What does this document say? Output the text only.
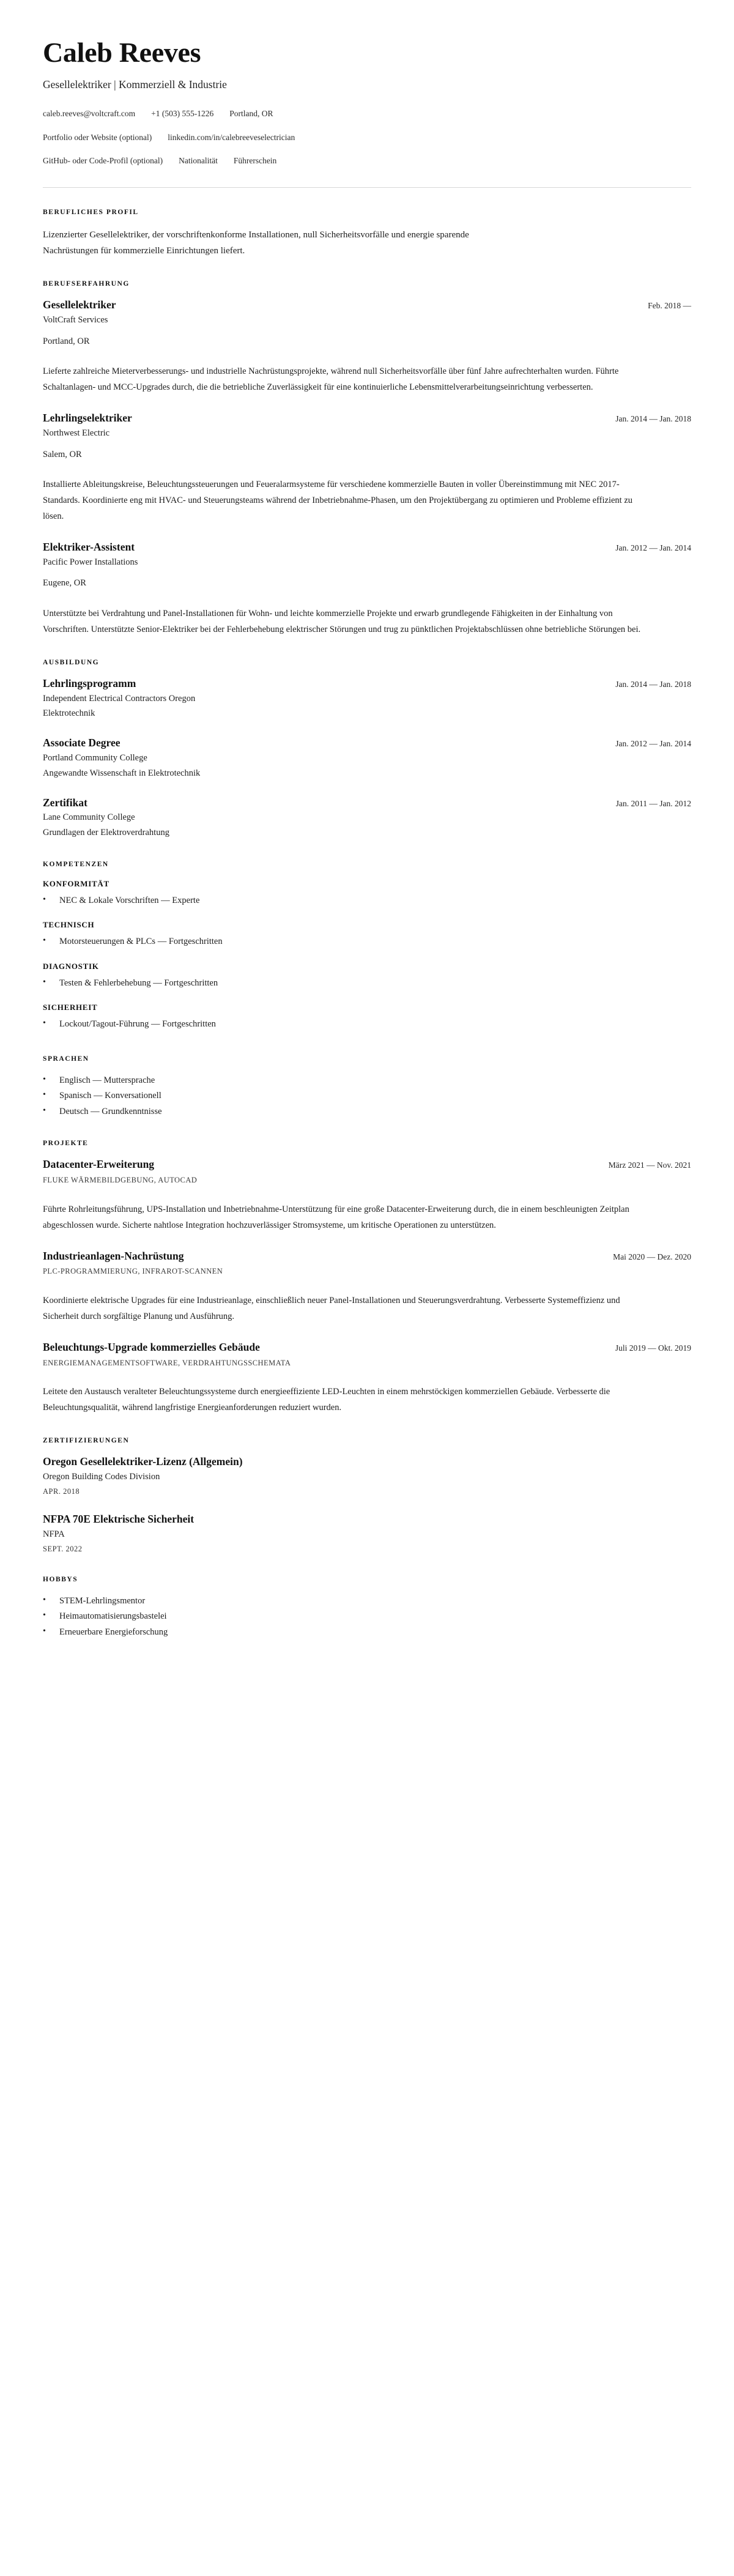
Caleb Reeves
Gesellelektriker | Kommerziell & Industrie
caleb.reeves@voltcraft.com +1 (503) 555-1226 Portland, OR
Portfolio oder Website (optional) linkedin.com/in/calebreeveselectrician
GitHub- oder Code-Profil (optional) Nationalität Führerschein
BERUFLICHES PROFIL

Lizenzierter Gesellelektriker, der vorschriftenkonforme Installationen, null Sicherheitsvorfälle und energie sparende Nachrüstungen für kommerzielle Einrichtungen liefert.

BERUFSERFAHRUNG
Gesellelektriker	Feb. 2018 —
VoltCraft Services
Portland, OR

Lieferte zahlreiche Mieterverbesserungs- und industrielle Nachrüstungsprojekte, während null Sicherheitsvorfälle über fünf Jahre aufrechterhalten wurden. Führte Schaltanlagen- und MCC-Upgrades durch, die die betriebliche Zuverlässigkeit für eine kontinuierliche Lebensmittelverarbeitungseinrichtung verbesserten.

Lehrlingselektriker	Jan. 2014 — Jan. 2018
Northwest Electric
Salem, OR

Installierte Ableitungskreise, Beleuchtungssteuerungen und Feueralarmsysteme für verschiedene kommerzielle Bauten in voller Übereinstimmung mit NEC 2017-Standards. Koordinierte eng mit HVAC- und Steuerungsteams während der Inbetriebnahme-Phasen, um den Projektübergang zu optimieren und Probleme effizient zu lösen.

Elektriker-Assistent	Jan. 2012 — Jan. 2014
Pacific Power Installations
Eugene, OR

Unterstützte bei Verdrahtung und Panel-Installationen für Wohn- und leichte kommerzielle Projekte und erwarb grundlegende Fähigkeiten in der Einhaltung von Vorschriften. Unterstützte Senior-Elektriker bei der Fehlerbehebung elektrischer Störungen und trug zu pünktlichen Projektabschlüssen ohne betriebliche Störungen bei.

AUSBILDUNG
Lehrlingsprogramm	Jan. 2014 — Jan. 2018
Independent Electrical Contractors Oregon
Elektrotechnik
Associate Degree	Jan. 2012 — Jan. 2014
Portland Community College
Angewandte Wissenschaft in Elektrotechnik
Zertifikat	Jan. 2011 — Jan. 2012
Lane Community College
Grundlagen der Elektroverdrahtung
KOMPETENZEN
KONFORMITÄT
• NEC & Lokale Vorschriften — Experte
TECHNISCH
• Motorsteuerungen & PLCs — Fortgeschritten
DIAGNOSTIK
• Testen & Fehlerbehebung — Fortgeschritten
SICHERHEIT
• Lockout/Tagout-Führung — Fortgeschritten
SPRACHEN
• Englisch — Muttersprache
• Spanisch — Konversationell
• Deutsch — Grundkenntnisse
PROJEKTE
Datacenter-Erweiterung	März 2021 — Nov. 2021
FLUKE WÄRMEBILDGEBUNG, AUTOCAD

Führte Rohrleitungsführung, UPS-Installation und Inbetriebnahme-Unterstützung für eine große Datacenter-Erweiterung durch, die in einem beschleunigten Zeitplan abgeschlossen wurde. Sicherte nahtlose Integration hochzuverlässiger Stromsysteme, um kritische Operationen zu unterstützen.

Industrieanlagen-Nachrüstung	Mai 2020 — Dez. 2020
PLC-PROGRAMMIERUNG, INFRAROT-SCANNEN

Koordinierte elektrische Upgrades für eine Industrieanlage, einschließlich neuer Panel-Installationen und Steuerungsverdrahtung. Verbesserte Systemeffizienz und Sicherheit durch sorgfältige Planung und Ausführung.

Beleuchtungs-Upgrade kommerzielles Gebäude	Juli 2019 — Okt. 2019
ENERGIEMANAGEMENTSOFTWARE, VERDRAHTUNGSSCHEMATA

Leitete den Austausch veralteter Beleuchtungssysteme durch energieeffiziente LED-Leuchten in einem mehrstöckigen kommerziellen Gebäude. Verbesserte die Beleuchtungsqualität, während langfristige Energieanforderungen reduziert wurden.

ZERTIFIZIERUNGEN
Oregon Gesellelektriker-Lizenz (Allgemein)
Oregon Building Codes Division
APR. 2018
NFPA 70E Elektrische Sicherheit
NFPA
SEPT. 2022
HOBBYS
• STEM-Lehrlingsmentor
• Heimautomatisierungsbastelei
• Erneuerbare Energieforschung
